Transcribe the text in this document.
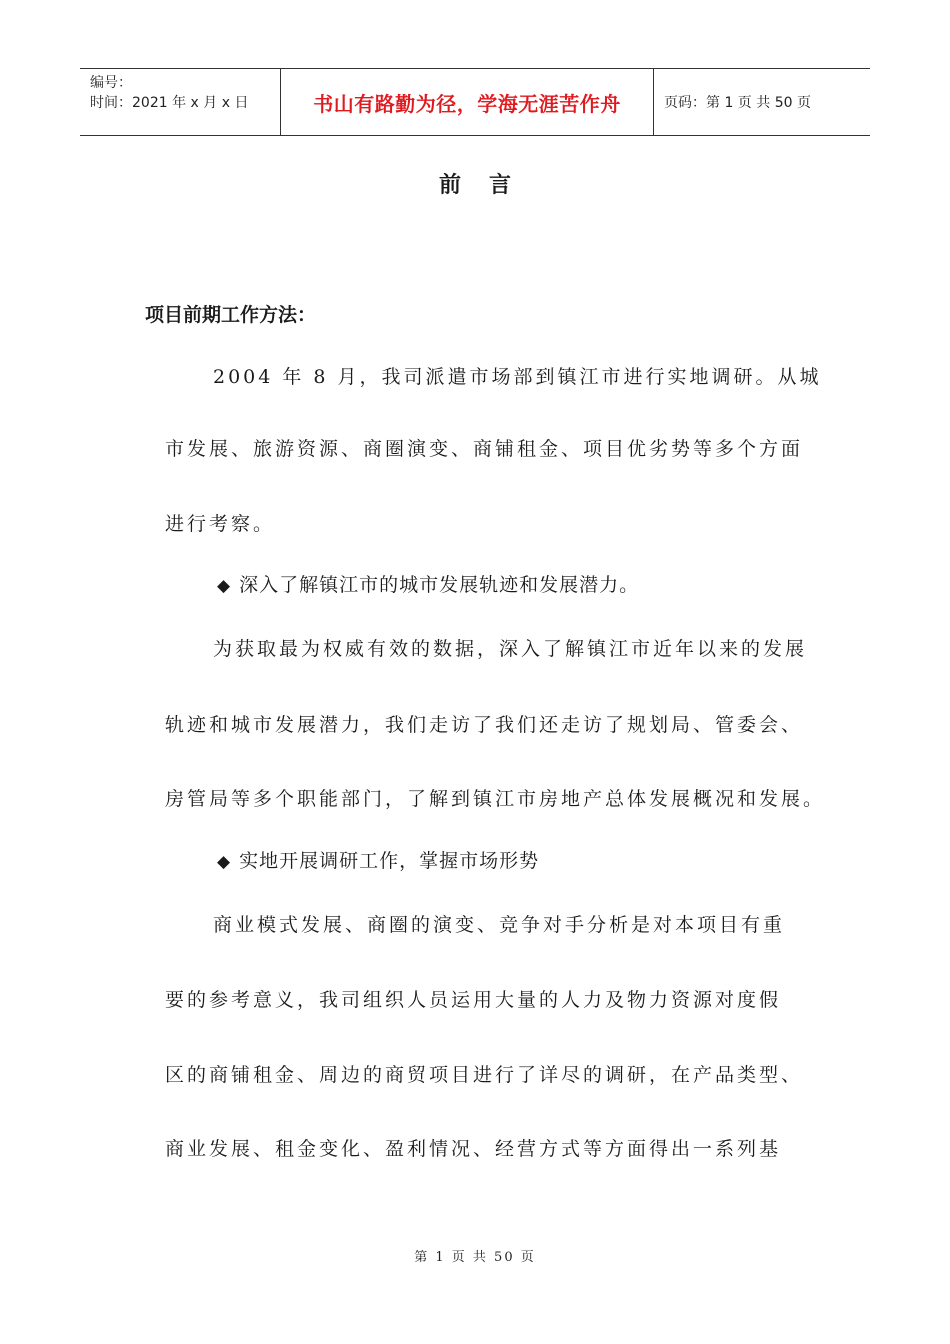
编号：
时间：2021 年 x 月 x 日	书山有路勤为径，学海无涯苦作舟	页码：第 1 页 共 50 页
前言
项目前期工作方法：
2004 年 8 月，我司派遣市场部到镇江市进行实地调研。从城
市发展、旅游资源、商圈演变、商铺租金、项目优劣势等多个方面
进行考察。
◆ 深入了解镇江市的城市发展轨迹和发展潜力。
为获取最为权威有效的数据，深入了解镇江市近年以来的发展
轨迹和城市发展潜力，我们走访了我们还走访了规划局、管委会、
房管局等多个职能部门，了解到镇江市房地产总体发展概况和发展。
◆ 实地开展调研工作，掌握市场形势
商业模式发展、商圈的演变、竞争对手分析是对本项目有重
要的参考意义，我司组织人员运用大量的人力及物力资源对度假
区的商铺租金、周边的商贸项目进行了详尽的调研，在产品类型、
商业发展、租金变化、盈利情况、经营方式等方面得出一系列基
第 1 页 共 50 页
